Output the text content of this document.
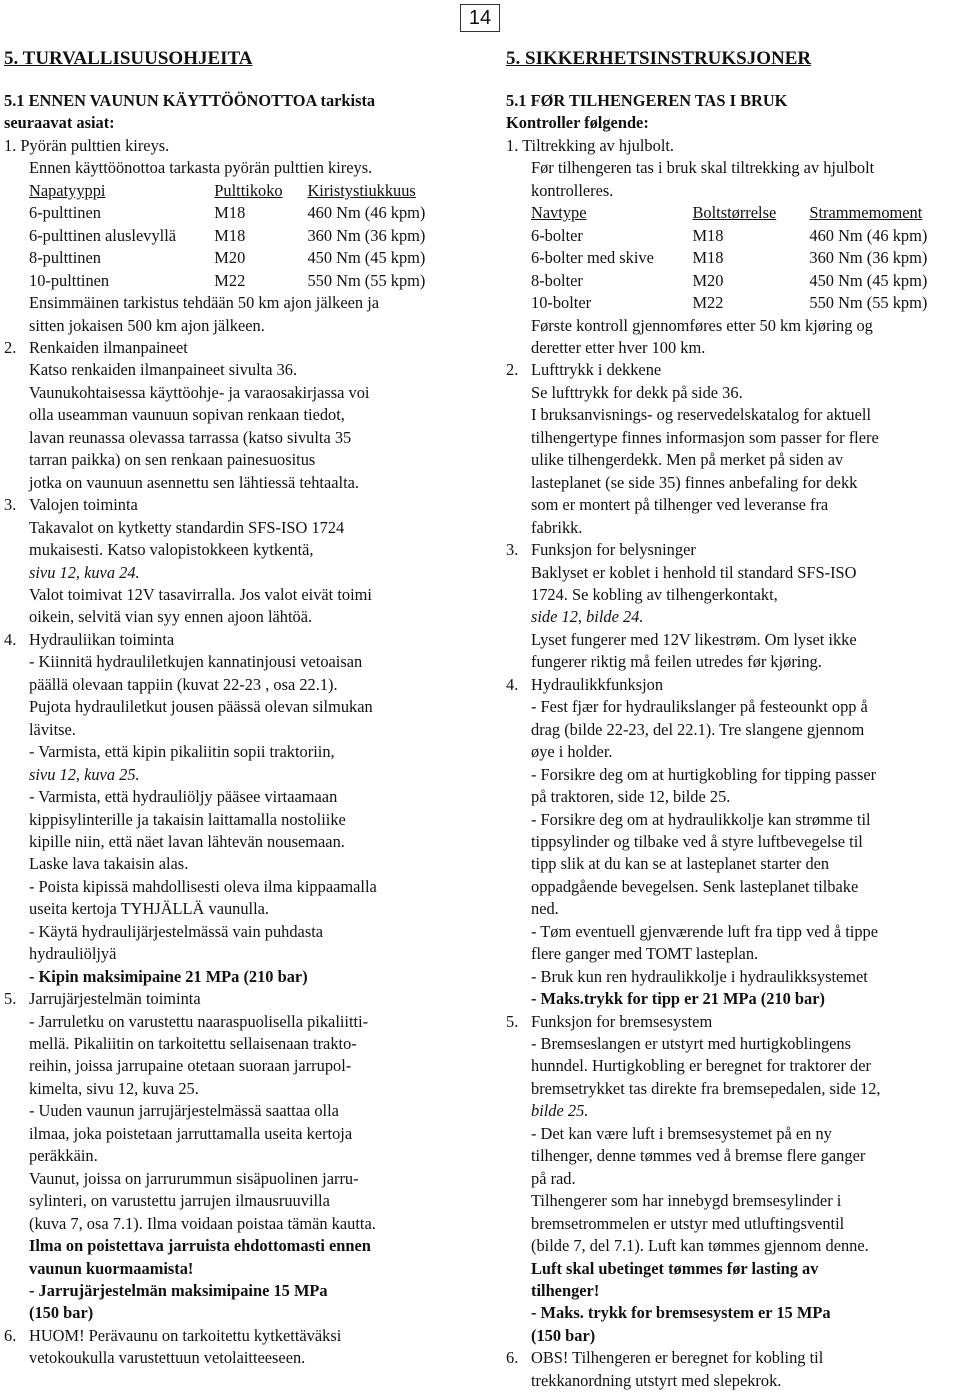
14
5. TURVALLISUUSOHJEITA
5.1 ENNEN VAUNUN KÄYTTÖÖNOTTOA tarkista
seuraavat asiat:
1. Pyörän pulttien kireys.
Ennen käyttöönottoa tarkasta pyörän pulttien kireys.
Napatyyppi	Pulttikoko	Kiristystiukkuus
6-pulttinen	M18	460 Nm (46 kpm)
6-pulttinen aluslevyllä	M18	360 Nm (36 kpm)
8-pulttinen	M20	450 Nm (45 kpm)
10-pulttinen	M22	550 Nm (55 kpm)
Ensimmäinen tarkistus tehdään 50 km ajon jälkeen ja
sitten jokaisen 500 km ajon jälkeen.
2. Renkaiden ilmanpaineet
Katso renkaiden ilmanpaineet sivulta 36.
Vaunukohtaisessa käyttöohje- ja varaosakirjassa voi
olla useamman vaunuun sopivan renkaan tiedot,
lavan reunassa olevassa tarrassa (katso sivulta 35
tarran paikka) on sen renkaan painesuositus
jotka on vaunuun asennettu sen lähtiessä tehtaalta.
3. Valojen toiminta
Takavalot on kytketty standardin SFS-ISO 1724
mukaisesti. Katso valopistokkeen kytkentä,
sivu 12, kuva 24.
Valot toimivat 12V tasavirralla. Jos valot eivät toimi
oikein, selvitä vian syy ennen ajoon lähtöä.
4. Hydrauliikan toiminta
- Kiinnitä hydrauliletkujen kannatinjousi vetoaisan
päällä olevaan tappiin (kuvat 22-23 , osa 22.1).
Pujota hydrauliletkut jousen päässä olevan silmukan
lävitse.
- Varmista, että kipin pikaliitin sopii traktoriin,
sivu 12, kuva 25.
- Varmista, että hydrauliöljy pääsee virtaamaan
kippisylinterille ja takaisin laittamalla nostoliike
kipille niin, että näet lavan lähtevän nousemaan.
Laske lava takaisin alas.
- Poista kipissä mahdollisesti oleva ilma kippaamalla
useita kertoja TYHJÄLLÄ vaunulla.
- Käytä hydraulijärjestelmässä vain puhdasta
hydrauliöljyä
- Kipin maksimipaine 21 MPa (210 bar)
5. Jarrujärjestelmän toiminta
- Jarruletku on varustettu naaraspuolisella pikaliitti-
mellä. Pikaliitin on tarkoitettu sellaisenaan trakto-
reihin, joissa jarrupaine otetaan suoraan jarrupol-
kimelta, sivu 12, kuva 25.
- Uuden vaunun jarrujärjestelmässä saattaa olla
ilmaa, joka poistetaan jarruttamalla useita kertoja
peräkkäin.
Vaunut, joissa on jarrurummun sisäpuolinen jarru-
sylinteri, on varustettu jarrujen ilmausruuvilla
(kuva 7, osa 7.1). Ilma voidaan poistaa tämän kautta.
Ilma on poistettava jarruista ehdottomasti ennen
vaunun kuormaamista!
- Jarrujärjestelmän maksimipaine 15 MPa
(150 bar)
6. HUOM! Perävaunu on tarkoitettu kytkettäväksi
vetokoukulla varustettuun vetolaitteeseen.
5. SIKKERHETSINSTRUKSJONER
5.1 FØR TILHENGEREN TAS I BRUK
Kontroller følgende:
1. Tiltrekking av hjulbolt.
Før tilhengeren tas i bruk skal tiltrekking av hjulbolt
kontrolleres.
Navtype	Boltstørrelse	Strammemoment
6-bolter	M18	460 Nm (46 kpm)
6-bolter med skive	M18	360 Nm (36 kpm)
8-bolter	M20	450 Nm (45 kpm)
10-bolter	M22	550 Nm (55 kpm)
Første kontroll gjennomføres etter 50 km kjøring og
deretter etter hver 100 km.
2. Lufttrykk i dekkene
Se lufttrykk for dekk på side 36.
I bruksanvisnings- og reservedelskatalog for aktuell
tilhengertype finnes informasjon som passer for flere
ulike tilhengerdekk. Men på merket på siden av
lasteplanet (se side 35) finnes anbefaling for dekk
som er montert på tilhenger ved leveranse fra
fabrikk.
3. Funksjon for belysninger
Baklyset er koblet i henhold til standard SFS-ISO
1724. Se kobling av tilhengerkontakt,
side 12, bilde 24.
Lyset fungerer med 12V likestrøm. Om lyset ikke
fungerer riktig må feilen utredes før kjøring.
4. Hydraulikkfunksjon
- Fest fjær for hydraulikslanger på festeounkt opp å
drag (bilde 22-23, del 22.1). Tre slangene gjennom
øye i holder.
- Forsikre deg om at hurtigkobling for tipping passer
på traktoren, side 12, bilde 25.
- Forsikre deg om at hydraulikkolje kan strømme til
tippsylinder og tilbake ved å styre luftbevegelse til
tipp slik at du kan se at lasteplanet starter den
oppadgående bevegelsen. Senk lasteplanet tilbake
ned.
- Tøm eventuell gjenværende luft fra tipp ved å tippe
flere ganger med TOMT lasteplan.
- Bruk kun ren hydraulikkolje i hydraulikksystemet
- Maks.trykk for tipp er 21 MPa (210 bar)
5. Funksjon for bremsesystem
- Bremseslangen er utstyrt med hurtigkoblingens
hunndel. Hurtigkobling er beregnet for traktorer der
bremsetrykket tas direkte fra bremsepedalen, side 12,
bilde 25.
- Det kan være luft i bremsesystemet på en ny
tilhenger, denne tømmes ved å bremse flere ganger
på rad.
Tilhengerer som har innebygd bremsesylinder i
bremsetrommelen er utstyr med utluftingsventil
(bilde 7, del 7.1). Luft kan tømmes gjennom denne.
Luft skal ubetinget tømmes før lasting av
tilhenger!
- Maks. trykk for bremsesystem er 15 MPa
(150 bar)
6. OBS! Tilhengeren er beregnet for kobling til
trekkanordning utstyrt med slepekrok.
